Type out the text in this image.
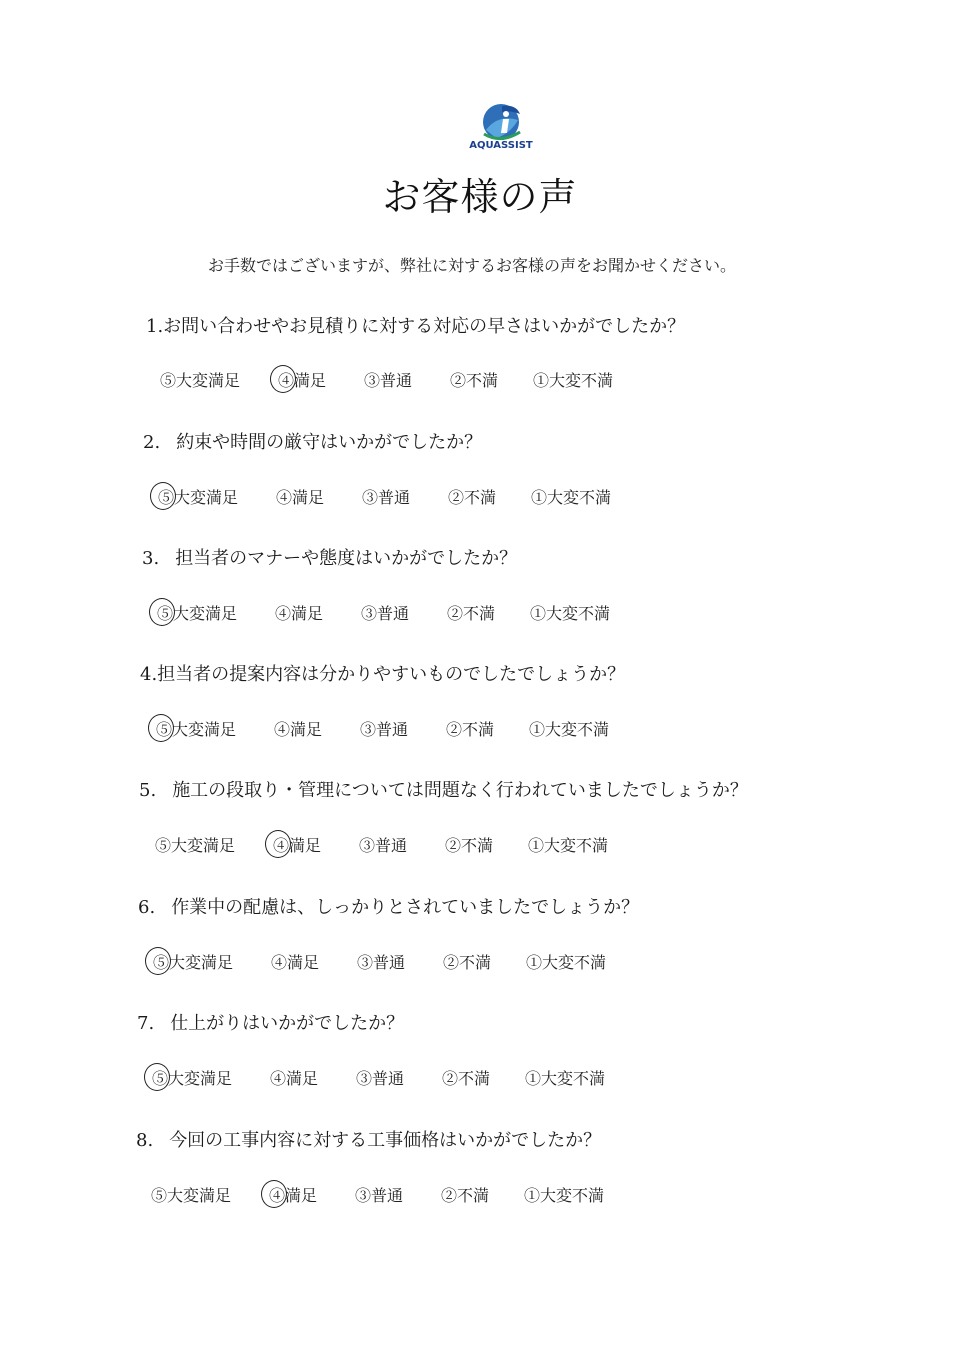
AQUASSIST
お客様の声
お手数ではございますが、弊社に対するお客様の声をお聞かせください。
1.お問い合わせやお見積りに対する対応の早さはいかがでしたか？
⑤大変満足 ④満足 ③普通 ②不満 ①大変不満
2. 約束や時間の厳守はいかがでしたか？
⑤大変満足 ④満足 ③普通 ②不満 ①大変不満
3. 担当者のマナーや態度はいかがでしたか？
⑤大変満足 ④満足 ③普通 ②不満 ①大変不満
4.担当者の提案内容は分かりやすいものでしたでしょうか？
⑤大変満足 ④満足 ③普通 ②不満 ①大変不満
5. 施工の段取り・管理については問題なく行われていましたでしょうか？
⑤大変満足 ④満足 ③普通 ②不満 ①大変不満
6. 作業中の配慮は、しっかりとされていましたでしょうか？
⑤大変満足 ④満足 ③普通 ②不満 ①大変不満
7. 仕上がりはいかがでしたか？
⑤大変満足 ④満足 ③普通 ②不満 ①大変不満
8. 今回の工事内容に対する工事価格はいかがでしたか？
⑤大変満足 ④満足 ③普通 ②不満 ①大変不満
